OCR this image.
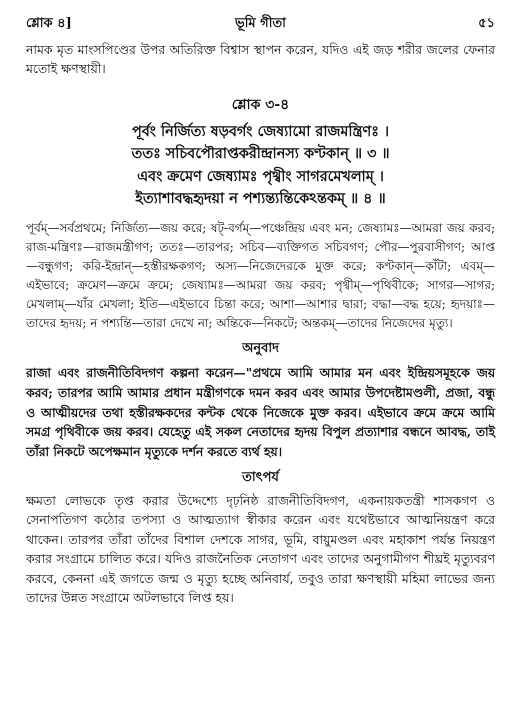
শ্লোক ৪]	ভূমি গীতা	৫১

নামক মৃত মাংসপিণ্ডের উপর অতিরিক্ত বিশ্বাস স্থাপন করেন, যদিও এই জড় শরীর জলের ফেনার মতোই ক্ষণস্থায়ী।

শ্লোক ৩-৪
পূর্বং নির্জিত্য ষড়বর্গং জেষ্যামো রাজমন্ত্রিণঃ ।
ততঃ সচিবপৌরাপ্তকরীন্দ্রানস্য কণ্টকান্ ॥ ৩ ॥
এবং ক্রমেণ জেষ্যামঃ পৃথ্বীং সাগরমেখলাম্ ।
ইত্যাশাবদ্ধহৃদয়া ন পশ্যন্ত্যন্তিকেঽন্তকম্ ॥ ৪ ॥

পূর্বম্—সর্বপ্রথমে; নির্জিত্য—জয় করে; ষট্-বর্গম্—পঞ্চেন্দ্রিয় এবং মন; জেষ্যামঃ—আমরা জয় করব; রাজ-মন্ত্রিণঃ—রাজমন্ত্রীগণ; ততঃ—তারপর; সচিব—ব্যক্তিগত সচিবগণ; পৌর—পুরবাসীগণ; আপ্ত—বন্ধুগণ; করি-ইন্দ্রান্—হস্তীরক্ষকগণ; অস্য—নিজেদেরকে মুক্ত করে; কণ্টকান্—কাঁটা; এবম্—এইভাবে; ক্রমেণ—ক্রমে ক্রমে; জেষ্যামঃ—আমরা জয় করব; পৃথ্বীম্—পৃথিবীকে; সাগর—সাগর; মেখলাম্—যাঁর মেখলা; ইতি—এইভাবে চিন্তা করে; আশা—আশার দ্বারা; বদ্ধা—বদ্ধ হয়ে; হৃদয়াঃ—তাদের হৃদয়; ন পশ্যন্তি—তারা দেখে না; অন্তিকে—নিকটে; অন্তকম্—তাদের নিজেদের মৃত্যু।

অনুবাদ

রাজা এবং রাজনীতিবিদগণ কল্পনা করেন—"প্রথমে আমি আমার মন এবং ইন্দ্রিয়সমূহকে জয় করব; তারপর আমি আমার প্রধান মন্ত্রীগণকে দমন করব এবং আমার উপদেষ্টামণ্ডলী, প্রজা, বন্ধু ও আত্মীয়দের তথা হস্তীরক্ষকদের কন্টক থেকে নিজেকে মুক্ত করব। এইভাবে ক্রমে ক্রমে আমি সমগ্র পৃথিবীকে জয় করব। যেহেতু এই সকল নেতাদের হৃদয় বিপুল প্রত্যাশার বন্ধনে আবদ্ধ, তাই তাঁরা নিকটে অপেক্ষমান মৃত্যুকে দর্শন করতে ব্যর্থ হয়।

তাৎপর্য

ক্ষমতা লোভকে তৃপ্ত করার উদ্দেশ্যে দৃঢ়নিষ্ঠ রাজনীতিবিদগণ, একনায়কতন্ত্রী শাসকগণ ও সেনাপতিগণ কঠোর তপস্যা ও আত্মত্যাগ স্বীকার করেন এবং যথেষ্টভাবে আত্মনিয়ন্ত্রণ করে থাকেন। তারপর তাঁরা তাঁদের বিশাল দেশকে সাগর, ভূমি, বায়ুমণ্ডল এবং মহাকাশ পর্যন্ত নিয়ন্ত্রণ করার সংগ্রামে চালিত করে। যদিও রাজনৈতিক নেতাগণ এবং তাদের অনুগামীগণ শীঘ্রই মৃত্যুবরণ করবে, কেননা এই জগতে জন্ম ও মৃত্যু হচ্ছে অনিবার্য, তবুও তারা ক্ষণস্থায়ী মহিমা লাভের জন্য তাদের উন্নত সংগ্রামে অটলভাবে লিপ্ত হয়।
